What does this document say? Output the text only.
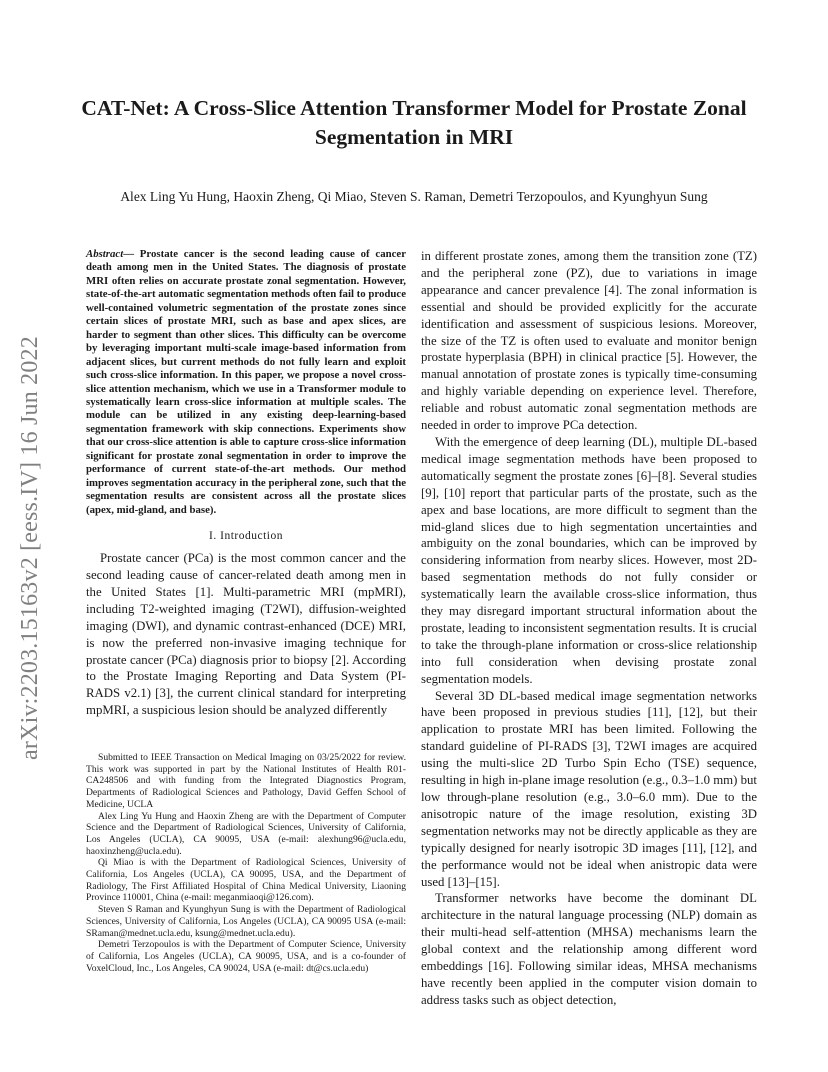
CAT-Net: A Cross-Slice Attention Transformer Model for Prostate Zonal Segmentation in MRI

Alex Ling Yu Hung, Haoxin Zheng, Qi Miao, Steven S. Raman, Demetri Terzopoulos, and Kyunghyun Sung

arXiv:2203.15163v2 [eess.IV] 16 Jun 2022

Abstract— Prostate cancer is the second leading cause of cancer death among men in the United States. The diagnosis of prostate MRI often relies on accurate prostate zonal segmentation. However, state-of-the-art automatic segmentation methods often fail to produce well-contained volumetric segmentation of the prostate zones since certain slices of prostate MRI, such as base and apex slices, are harder to segment than other slices. This difficulty can be overcome by leveraging important multi-scale image-based information from adjacent slices, but current methods do not fully learn and exploit such cross-slice information. In this paper, we propose a novel cross-slice attention mechanism, which we use in a Transformer module to systematically learn cross-slice information at multiple scales. The module can be utilized in any existing deep-learning-based segmentation framework with skip connections. Experiments show that our cross-slice attention is able to capture cross-slice information significant for prostate zonal segmentation in order to improve the performance of current state-of-the-art methods. Our method improves segmentation accuracy in the peripheral zone, such that the segmentation results are consistent across all the prostate slices (apex, mid-gland, and base).

I. Introduction

Prostate cancer (PCa) is the most common cancer and the second leading cause of cancer-related death among men in the United States [1]. Multi-parametric MRI (mpMRI), including T2-weighted imaging (T2WI), diffusion-weighted imaging (DWI), and dynamic contrast-enhanced (DCE) MRI, is now the preferred non-invasive imaging technique for prostate cancer (PCa) diagnosis prior to biopsy [2]. According to the Prostate Imaging Reporting and Data System (PI-RADS v2.1) [3], the current clinical standard for interpreting mpMRI, a suspicious lesion should be analyzed differently

Submitted to IEEE Transaction on Medical Imaging on 03/25/2022 for review. This work was supported in part by the National Institutes of Health R01-CA248506 and with funding from the Integrated Diagnostics Program, Departments of Radiological Sciences and Pathology, David Geffen School of Medicine, UCLA

Alex Ling Yu Hung and Haoxin Zheng are with the Department of Computer Science and the Department of Radiological Sciences, University of California, Los Angeles (UCLA), CA 90095, USA (e-mail: alexhung96@ucla.edu, haoxinzheng@ucla.edu).

Qi Miao is with the Department of Radiological Sciences, University of California, Los Angeles (UCLA), CA 90095, USA, and the Department of Radiology, The First Affiliated Hospital of China Medical University, Liaoning Province 110001, China (e-mail: meganmiaoqi@126.com).

Steven S Raman and Kyunghyun Sung is with the Department of Radiological Sciences, University of California, Los Angeles (UCLA), CA 90095 USA (e-mail: SRaman@mednet.ucla.edu, ksung@mednet.ucla.edu).

Demetri Terzopoulos is with the Department of Computer Science, University of California, Los Angeles (UCLA), CA 90095, USA, and is a co-founder of VoxelCloud, Inc., Los Angeles, CA 90024, USA (e-mail: dt@cs.ucla.edu)

in different prostate zones, among them the transition zone (TZ) and the peripheral zone (PZ), due to variations in image appearance and cancer prevalence [4]. The zonal information is essential and should be provided explicitly for the accurate identification and assessment of suspicious lesions. Moreover, the size of the TZ is often used to evaluate and monitor benign prostate hyperplasia (BPH) in clinical practice [5]. However, the manual annotation of prostate zones is typically time-consuming and highly variable depending on experience level. Therefore, reliable and robust automatic zonal segmentation methods are needed in order to improve PCa detection.

With the emergence of deep learning (DL), multiple DL-based medical image segmentation methods have been proposed to automatically segment the prostate zones [6]–[8]. Several studies [9], [10] report that particular parts of the prostate, such as the apex and base locations, are more difficult to segment than the mid-gland slices due to high segmentation uncertainties and ambiguity on the zonal boundaries, which can be improved by considering information from nearby slices. However, most 2D-based segmentation methods do not fully consider or systematically learn the available cross-slice information, thus they may disregard important structural information about the prostate, leading to inconsistent segmentation results. It is crucial to take the through-plane information or cross-slice relationship into full consideration when devising prostate zonal segmentation models.

Several 3D DL-based medical image segmentation networks have been proposed in previous studies [11], [12], but their application to prostate MRI has been limited. Following the standard guideline of PI-RADS [3], T2WI images are acquired using the multi-slice 2D Turbo Spin Echo (TSE) sequence, resulting in high in-plane image resolution (e.g., 0.3–1.0 mm) but low through-plane resolution (e.g., 3.0–6.0 mm). Due to the anisotropic nature of the image resolution, existing 3D segmentation networks may not be directly applicable as they are typically designed for nearly isotropic 3D images [11], [12], and the performance would not be ideal when anistropic data were used [13]–[15].

Transformer networks have become the dominant DL architecture in the natural language processing (NLP) domain as their multi-head self-attention (MHSA) mechanisms learn the global context and the relationship among different word embeddings [16]. Following similar ideas, MHSA mechanisms have recently been applied in the computer vision domain to address tasks such as object detection,
